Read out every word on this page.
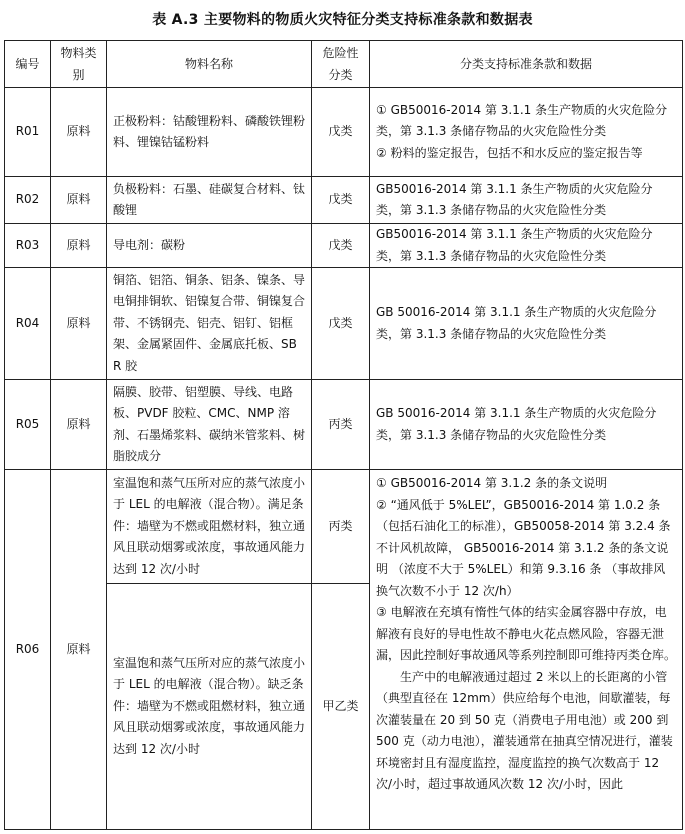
表 A.3 主要物料的物质火灾特征分类支持标准条款和数据表
编号	物料类别	物料名称	危险性分类	分类支持标准条款和数据
R01	原料	正极粉料：钴酸锂粉料、磷酸铁锂粉料、锂镍钴锰粉料	戊类	① GB50016-2014 第 3.1.1 条生产物质的火灾危险分类，第 3.1.3 条储存物品的火灾危险性分类
② 粉料的鉴定报告，包括不和水反应的鉴定报告等

R02	原料	负极粉料：石墨、硅碳复合材料、钛酸锂	戊类	GB50016-2014 第 3.1.1 条生产物质的火灾危险分类，第 3.1.3 条储存物品的火灾危险性分类

R03	原料	导电剂：碳粉	戊类	GB50016-2014 第 3.1.1 条生产物质的火灾危险分类，第 3.1.3 条储存物品的火灾危险性分类

R04	原料	铜箔、铝箔、铜条、铝条、镍条、导电铜排铜软、铝镍复合带、铜镍复合带、不锈钢壳、铝壳、铝钉、铝框架、金属紧固件、金属底托板、SBR 胶	戊类	GB 50016-2014 第 3.1.1 条生产物质的火灾危险分类，第 3.1.3 条储存物品的火灾危险性分类

R05	原料	隔膜、胶带、铝塑膜、导线、电路板、PVDF 胶粒、CMC、NMP 溶剂、石墨烯浆料、碳纳米管浆料、树脂胶成分	丙类	GB 50016-2014 第 3.1.1 条生产物质的火灾危险分类，第 3.1.3 条储存物品的火灾危险性分类

R06	原料	室温饱和蒸气压所对应的蒸气浓度小于 LEL 的电解液（混合物）。满足条件：墙壁为不燃或阻燃材料，独立通风且联动烟雾或浓度，事故通风能力达到 12 次/小时	丙类	① GB50016-2014 第 3.1.2 条的条文说明
② “通风低于 5%LEL”，GB50016-2014 第 1.0.2 条（包括石油化工的标准），GB50058-2014 第 3.2.4 条不计风机故障， GB50016-2014 第 3.1.2 条的条文说明 （浓度不大于 5%LEL）和第 9.3.16 条 （事故排风换气次数不小于 12 次/h）
③ 电解液在充填有惰性气体的结实金属容器中存放，电解液有良好的导电性故不静电火花点燃风险，容器无泄漏，因此控制好事故通风等系列控制即可维持丙类仓库。
生产中的电解液通过超过 2 米以上的长距离的小管（典型直径在 12mm）供应给每个电池，间歇灌装，每次灌装量在 20 到 50 克（消费电子用电池）或 200 到 500 克（动力电池），灌装通常在抽真空情况进行，灌装环境密封且有湿度监控，湿度监控的换气次数高于 12 次/小时，超过事故通风次数 12 次/小时，因此

		室温饱和蒸气压所对应的蒸气浓度小于 LEL 的电解液（混合物）。缺乏条件：墙壁为不燃或阻燃材料，独立通风且联动烟雾或浓度，事故通风能力达到 12 次/小时	甲乙类	
